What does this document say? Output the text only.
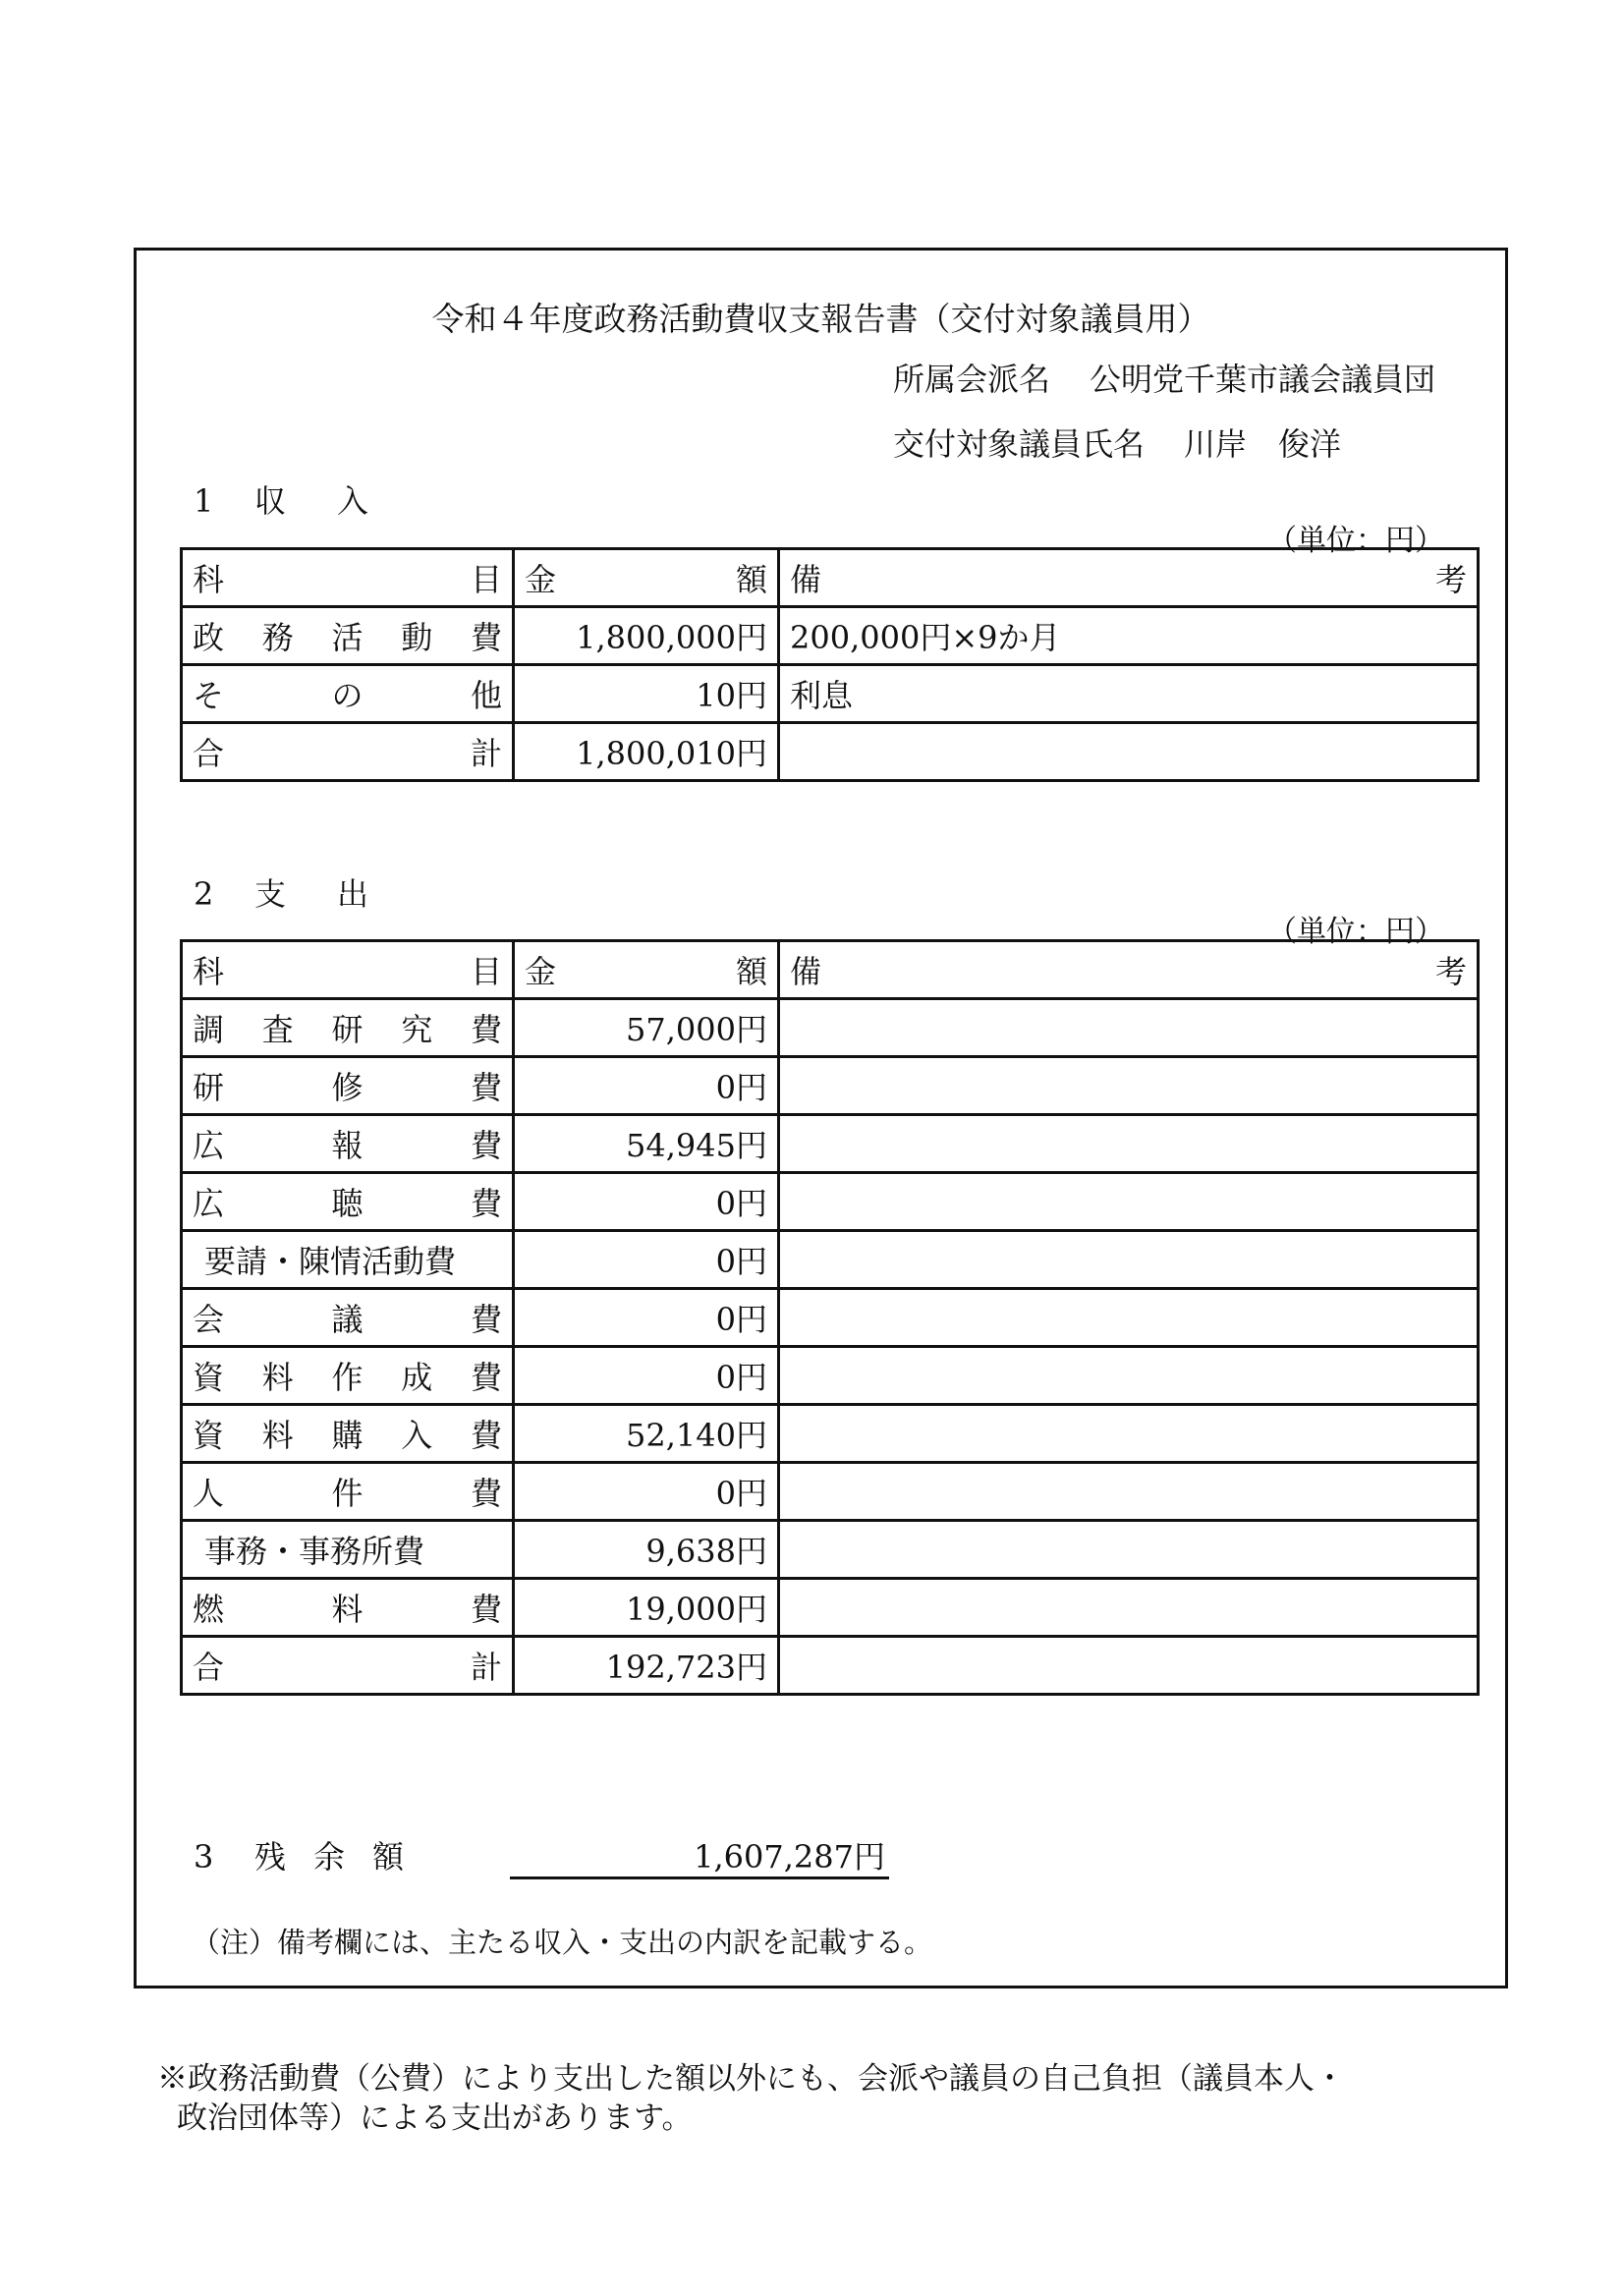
令和４年度政務活動費収支報告書（交付対象議員用）
所属会派名 公明党千葉市議会議員団
交付対象議員氏名 川岸　俊洋
1 収 入
（単位：円）
科目	金額	備考
政務活動費	1,800,000円	200,000円×9か月
その他	10円	利息
合計	1,800,010円	
2 支 出
（単位：円）
科目	金額	備考
調査研究費	57,000円	
研修費	0円	
広報費	54,945円	
広聴費	0円	
要請・陳情活動費	0円	
会議費	0円	
資料作成費	0円	
資料購入費	52,140円	
人件費	0円	
事務・事務所費	9,638円	
燃料費	19,000円	
合計	192,723円	
3 残 余 額	1,607,287円
（注）備考欄には、主たる収入・支出の内訳を記載する。
※政務活動費（公費）により支出した額以外にも、会派や議員の自己負担（議員本人・
政治団体等）による支出があります。
